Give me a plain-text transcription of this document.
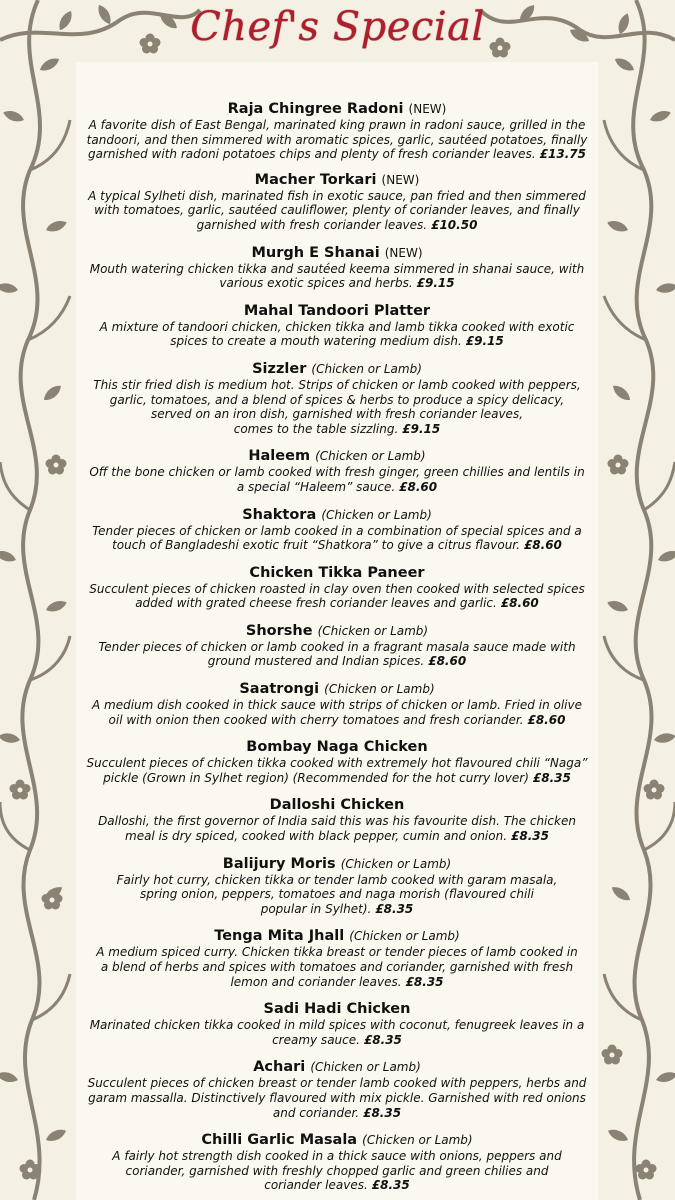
Chef's Special
Raja Chingree Radoni (NEW)
A favorite dish of East Bengal, marinated king prawn in radoni sauce, grilled in the
tandoori, and then simmered with aromatic spices, garlic, sautéed potatoes, finally
garnished with radoni potatoes chips and plenty of fresh coriander leaves. £13.75
Macher Torkari (NEW)
A typical Sylheti dish, marinated fish in exotic sauce, pan fried and then simmered
with tomatoes, garlic, sautéed cauliflower, plenty of coriander leaves, and finally
garnished with fresh coriander leaves. £10.50
Murgh E Shanai (NEW)
Mouth watering chicken tikka and sautéed keema simmered in shanai sauce, with
various exotic spices and herbs. £9.15
Mahal Tandoori Platter
A mixture of tandoori chicken, chicken tikka and lamb tikka cooked with exotic
spices to create a mouth watering medium dish. £9.15
Sizzler (Chicken or Lamb)
This stir fried dish is medium hot. Strips of chicken or lamb cooked with peppers,
garlic, tomatoes, and a blend of spices & herbs to produce a spicy delicacy,
served on an iron dish, garnished with fresh coriander leaves,
comes to the table sizzling. £9.15
Haleem (Chicken or Lamb)
Off the bone chicken or lamb cooked with fresh ginger, green chillies and lentils in
a special “Haleem” sauce. £8.60
Shaktora (Chicken or Lamb)
Tender pieces of chicken or lamb cooked in a combination of special spices and a
touch of Bangladeshi exotic fruit “Shatkora” to give a citrus flavour. £8.60
Chicken Tikka Paneer
Succulent pieces of chicken roasted in clay oven then cooked with selected spices
added with grated cheese fresh coriander leaves and garlic. £8.60
Shorshe (Chicken or Lamb)
Tender pieces of chicken or lamb cooked in a fragrant masala sauce made with
ground mustered and Indian spices. £8.60
Saatrongi (Chicken or Lamb)
A medium dish cooked in thick sauce with strips of chicken or lamb. Fried in olive
oil with onion then cooked with cherry tomatoes and fresh coriander. £8.60
Bombay Naga Chicken
Succulent pieces of chicken tikka cooked with extremely hot flavoured chili “Naga”
pickle (Grown in Sylhet region) (Recommended for the hot curry lover) £8.35
Dalloshi Chicken
Dalloshi, the first governor of India said this was his favourite dish. The chicken
meal is dry spiced, cooked with black pepper, cumin and onion. £8.35
Balijury Moris (Chicken or Lamb)
Fairly hot curry, chicken tikka or tender lamb cooked with garam masala,
spring onion, peppers, tomatoes and naga morish (flavoured chili
popular in Sylhet). £8.35
Tenga Mita Jhall (Chicken or Lamb)
A medium spiced curry. Chicken tikka breast or tender pieces of lamb cooked in
a blend of herbs and spices with tomatoes and coriander, garnished with fresh
lemon and coriander leaves. £8.35
Sadi Hadi Chicken
Marinated chicken tikka cooked in mild spices with coconut, fenugreek leaves in a
creamy sauce. £8.35
Achari (Chicken or Lamb)
Succulent pieces of chicken breast or tender lamb cooked with peppers, herbs and
garam massalla. Distinctively flavoured with mix pickle. Garnished with red onions
and coriander. £8.35
Chilli Garlic Masala (Chicken or Lamb)
A fairly hot strength dish cooked in a thick sauce with onions, peppers and
coriander, garnished with freshly chopped garlic and green chilies and
coriander leaves. £8.35
